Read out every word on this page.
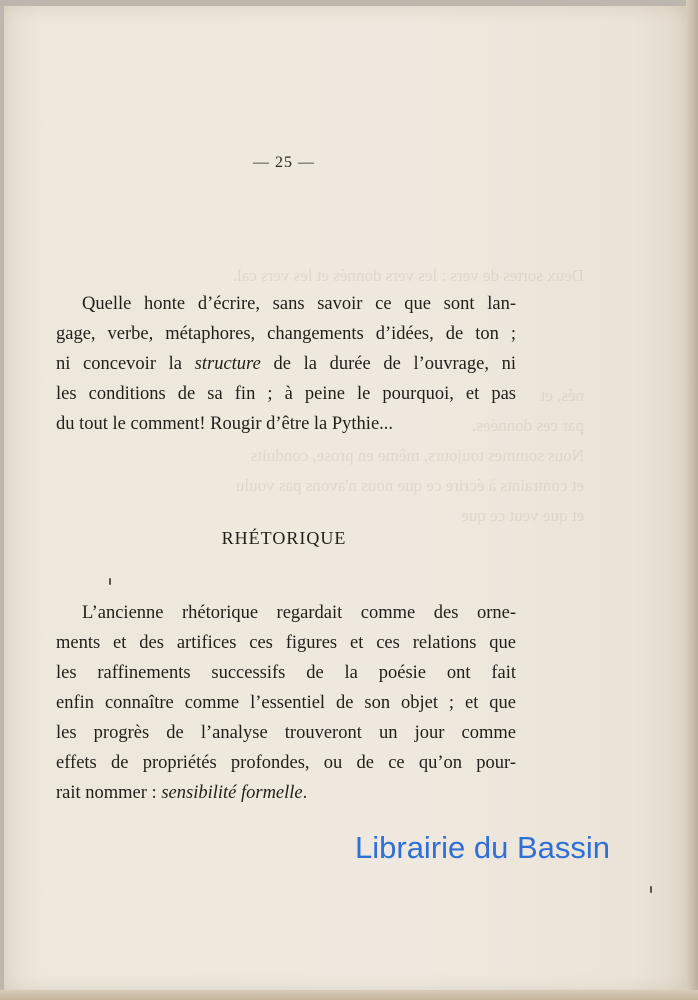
Deux sortes de vers : les vers donnés et les vers cal.

nés, et
par ces données.
Nous sommes toujours, même en prose, conduits
et contraints à écrire ce que nous n'avons pas voulu
et que veut ce que
— 25 —
Quelle honte d’écrire, sans savoir ce que sont lan-
gage, verbe, métaphores, changements d’idées, de ton ;
ni concevoir la structure de la durée de l’ouvrage, ni
les conditions de sa fin ; à peine le pourquoi, et pas
du tout le comment! Rougir d’être la Pythie...
RHÉTORIQUE
L’ancienne rhétorique regardait comme des orne-
ments et des artifices ces figures et ces relations que
les raffinements successifs de la poésie ont fait
enfin connaître comme l’essentiel de son objet ; et que
les progrès de l’analyse trouveront un jour comme
effets de propriétés profondes, ou de ce qu’on pour-
rait nommer : sensibilité formelle.
Librairie du Bassin
